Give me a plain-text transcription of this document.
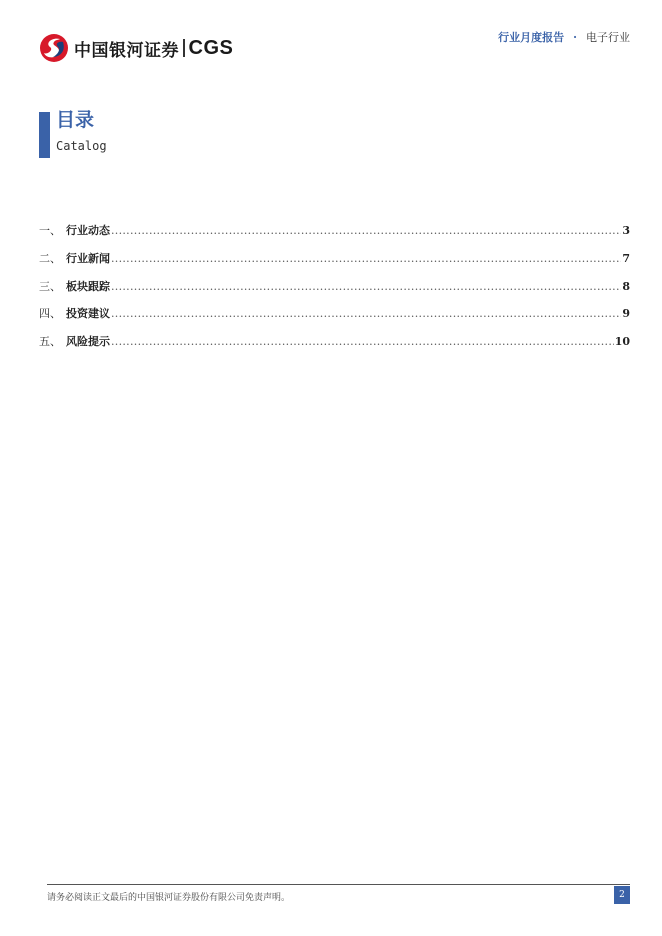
中国银河证券 CGS	行业月度报告 · 电子行业
目录
Catalog
一、 行业动态 .....	3
二、 行业新闻 .....	7
三、 板块跟踪 .....	8
四、 投资建议 .....	9
五、 风险提示 .....	10
请务必阅读正文最后的中国银河证券股份有限公司免责声明。	2
